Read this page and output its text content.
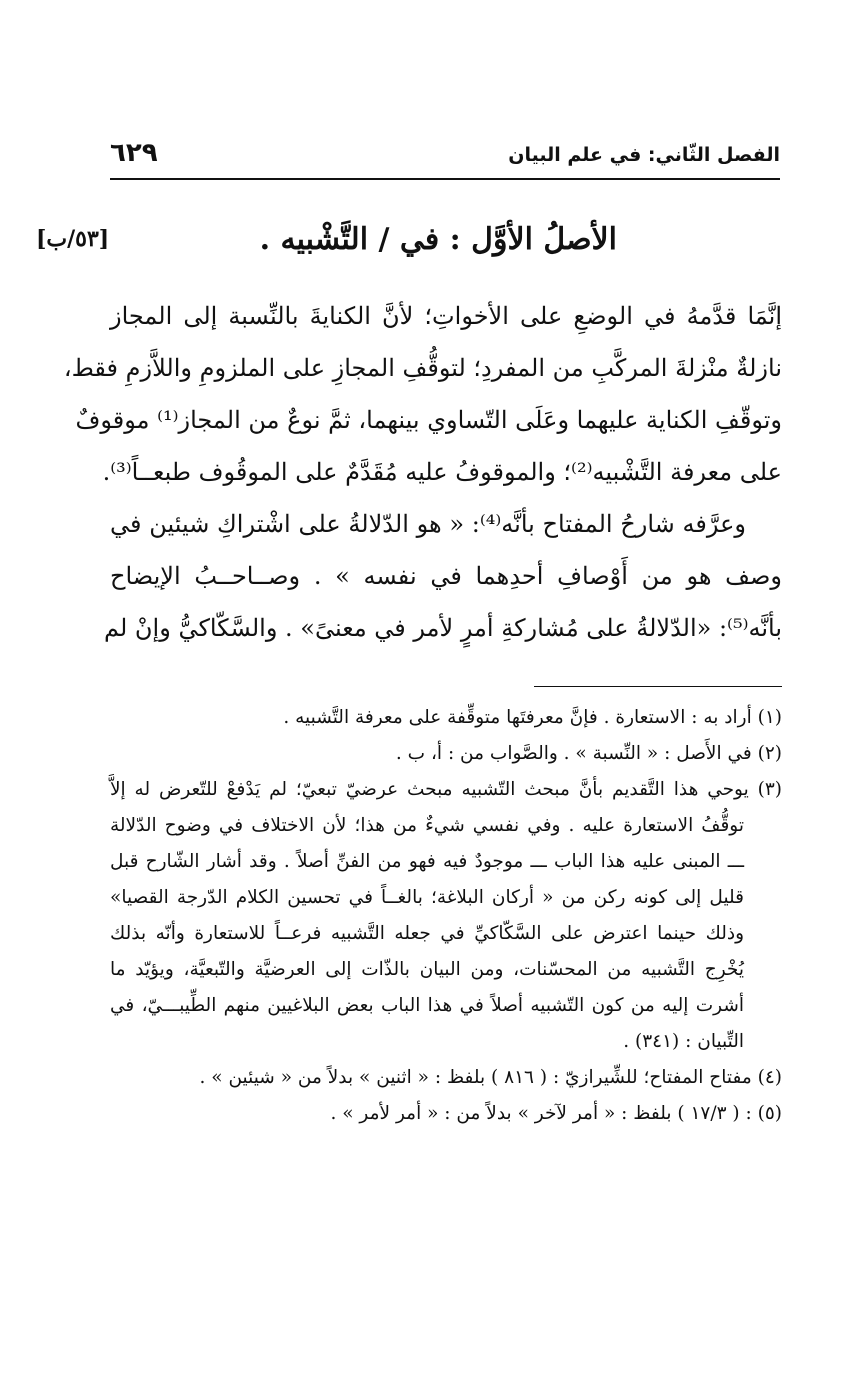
الفصل الثّاني: في علم البيان
٦٢٩
الأصلُ الأوَّل : في / التَّشْبيه .
[٥٣/ب]
إنَّمَا قدَّمهُ في الوضعِ على الأخواتِ؛ لأنَّ الكنايةَ بالنِّسبة إلى المجاز
نازلةٌ منْزلةَ المركَّبِ من المفردِ؛ لتوقُّفِ المجازِ على الملزومِ واللاَّزمِ فقط،
وتوقّفِ الكناية عليهما وعَلَى التّساوي بينهما، ثمَّ نوعٌ من المجاز⁽¹⁾ موقوفٌ
على معرفة التَّشْبيه⁽²⁾؛ والموقوفُ عليه مُقَدَّمٌ على الموقُوف طبعــاً⁽³⁾.
وعرَّفه شارحُ المفتاح بأنَّه⁽⁴⁾: « هو الدّلالةُ على اشْتراكِ شيئين في
وصف هو من أَوْصافِ أحدِهما في نفسه » . وصــاحــبُ الإيضاح
بأنَّه⁽⁵⁾: «الدّلالةُ على مُشاركةِ أمرٍ لأمر في معنىً» . والسَّكّاكيُّ وإنْ لم
(١) أراد به : الاستعارة . فإنَّ معرفتَها متوقِّفة على معرفة التَّشبيه .
(٢) في الأَصل : « النِّسبة » . والصَّواب من : أ، ب .
(٣) يوحي هذا التَّقديم بأنَّ مبحث التّشبيه مبحث عرضيّ تبعيّ؛ لم يَدْفعْ للتّعرض له إلاَّ
توقُّفُ الاستعارة عليه . وفي نفسي شيءٌ من هذا؛ لأن الاختلاف في وضوح الدّلالة
ـــ المبنى عليه هذا الباب ـــ موجودٌ فيه فهو من الفنِّ أصلاً . وقد أشار الشّارح قبل
قليل إلى كونه ركن من « أركان البلاغة؛ بالغــاً في تحسين الكلام الدّرجة القصيا»
وذلك حينما اعترض على السَّكّاكيِّ في جعله التَّشبيه فرعــاً للاستعارة وأنّه بذلك
يُخْرِج التَّشبيه من المحسّنات، ومن البيان بالذّات إلى العرضيَّة والتّبعيَّة، ويؤيّد ما
أشرت إليه من كون التّشبيه أصلاً في هذا الباب بعض البلاغيين منهم الطِّيبـــيّ، في
التِّبيان : (٣٤١) .
(٤) مفتاح المفتاح؛ للشِّيرازيّ : ( ٨١٦ ) بلفظ : « اثنين » بدلاً من « شيئين » .
(٥) : ( ١٧/٣ ) بلفظ : « أمر لآخر » بدلاً من : « أمر لأمر » .
